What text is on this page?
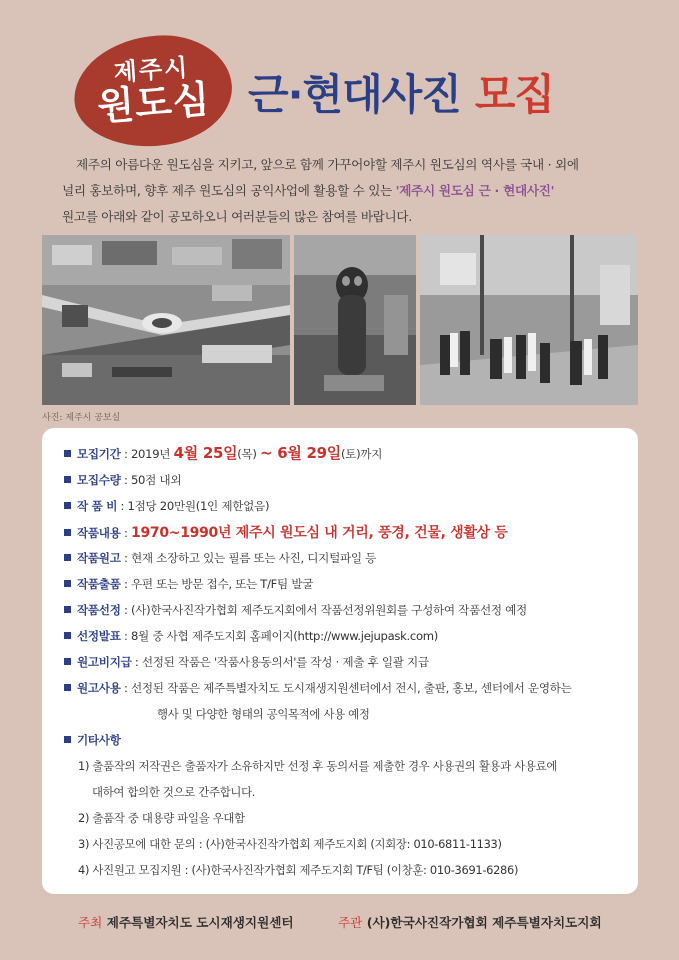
제주시
원도심 근·현대사진 모집
제주의 아름다운 원도심을 지키고, 앞으로 함께 가꾸어야할 제주시 원도심의 역사를 국내 · 외에
널리 홍보하며, 향후 제주 원도심의 공익사업에 활용할 수 있는 '제주시 원도심 근 · 현대사진'
원고를 아래와 같이 공모하오니 여러분들의 많은 참여를 바랍니다.
사진: 제주시 공보실
모집기간 : 2019년 4월 25일(목) ~ 6월 29일(토)까지
모집수량 : 50점 내외
작 품 비 : 1점당 20만원(1인 제한없음)
작품내용 : 1970~1990년 제주시 원도심 내 거리, 풍경, 건물, 생활상 등
작품원고 : 현재 소장하고 있는 필름 또는 사진, 디지털파일 등
작품출품 : 우편 또는 방문 접수, 또는 T/F팀 발굴
작품선정 : (사)한국사진작가협회 제주도지회에서 작품선정위원회를 구성하여 작품선정 예정
선정발표 : 8월 중 사협 제주도지회 홈페이지(http://www.jejupask.com)
원고비지급 : 선정된 작품은 '작품사용동의서'를 작성 · 제출 후 일괄 지급
원고사용 : 선정된 작품은 제주특별자치도 도시재생지원센터에서 전시, 출판, 홍보, 센터에서 운영하는
행사 및 다양한 형태의 공익목적에 사용 예정
기타사항
1) 출품작의 저작권은 출품자가 소유하지만 선정 후 동의서를 제출한 경우 사용권의 활용과 사용료에
대하여 합의한 것으로 간주합니다.
2) 출품작 중 대용량 파일을 우대함
3) 사진공모에 대한 문의 : (사)한국사진작가협회 제주도지회 (지회장: 010-6811-1133)
4) 사진원고 모집지원 : (사)한국사진작가협회 제주도지회 T/F팀 (이창훈: 010-3691-6286)
주최 제주특별자치도 도시재생지원센터	주관 (사)한국사진작가협회 제주특별자치도지회
